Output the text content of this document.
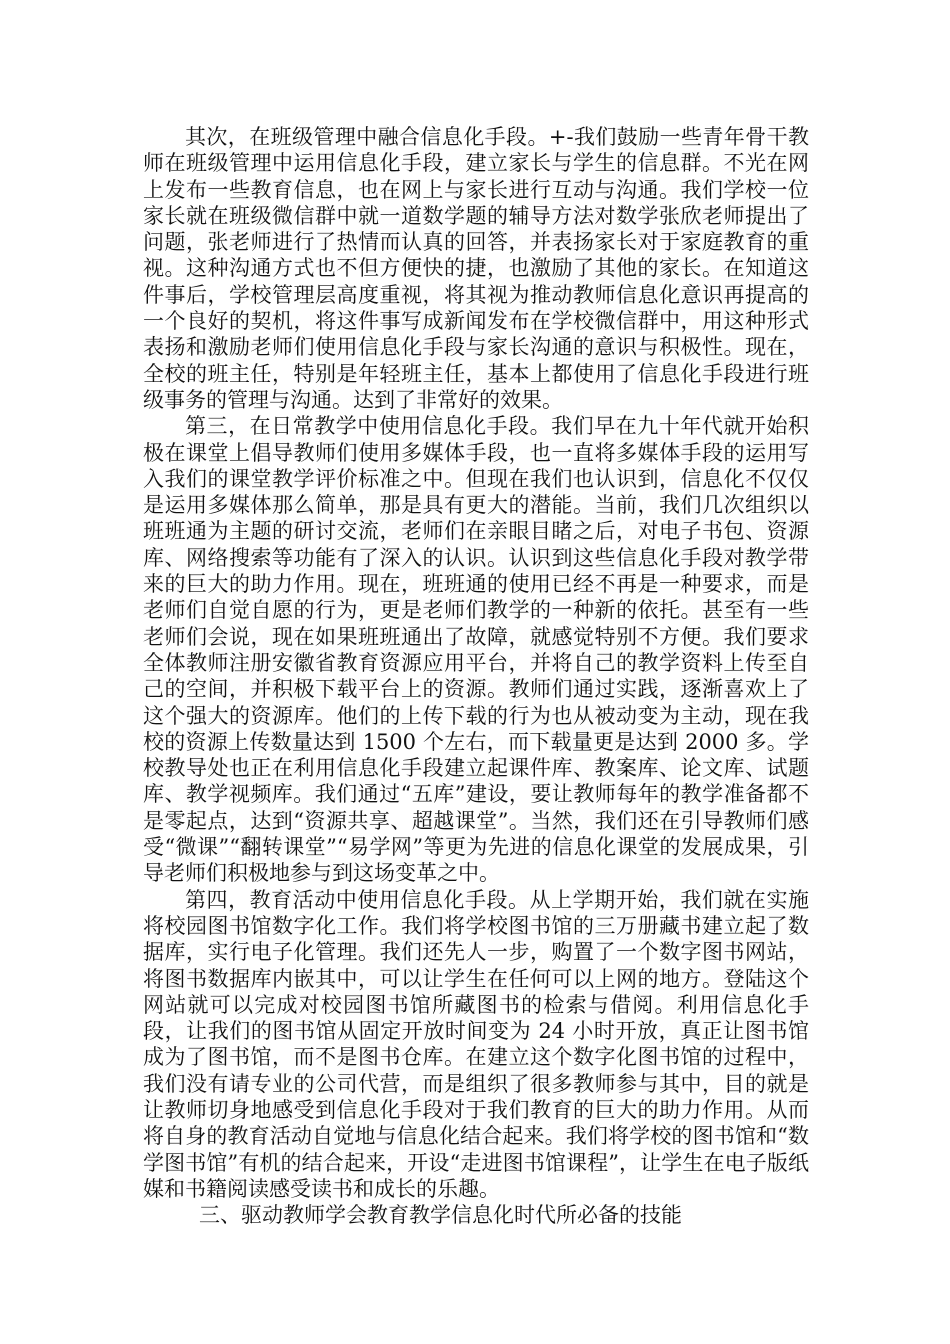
其次，在班级管理中融合信息化手段。+-我们鼓励一些青年骨干教师在班级管理中运用信息化手段，建立家长与学生的信息群。不光在网上发布一些教育信息，也在网上与家长进行互动与沟通。我们学校一位家长就在班级微信群中就一道数学题的辅导方法对数学张欣老师提出了问题，张老师进行了热情而认真的回答，并表扬家长对于家庭教育的重视。这种沟通方式也不但方便快的捷，也激励了其他的家长。在知道这件事后，学校管理层高度重视，将其视为推动教师信息化意识再提高的一个良好的契机，将这件事写成新闻发布在学校微信群中，用这种形式表扬和激励老师们使用信息化手段与家长沟通的意识与积极性。现在，全校的班主任，特别是年轻班主任，基本上都使用了信息化手段进行班级事务的管理与沟通。达到了非常好的效果。

第三，在日常教学中使用信息化手段。我们早在九十年代就开始积极在课堂上倡导教师们使用多媒体手段，也一直将多媒体手段的运用写入我们的课堂教学评价标准之中。但现在我们也认识到，信息化不仅仅是运用多媒体那么简单，那是具有更大的潜能。当前，我们几次组织以班班通为主题的研讨交流，老师们在亲眼目睹之后，对电子书包、资源库、网络搜索等功能有了深入的认识。认识到这些信息化手段对教学带来的巨大的助力作用。现在，班班通的使用已经不再是一种要求，而是老师们自觉自愿的行为，更是老师们教学的一种新的依托。甚至有一些老师们会说，现在如果班班通出了故障，就感觉特别不方便。我们要求全体教师注册安徽省教育资源应用平台，并将自己的教学资料上传至自己的空间，并积极下载平台上的资源。教师们通过实践，逐渐喜欢上了这个强大的资源库。他们的上传下载的行为也从被动变为主动，现在我校的资源上传数量达到 1500 个左右，而下载量更是达到 2000 多。学校教导处也正在利用信息化手段建立起课件库、教案库、论文库、试题库、教学视频库。我们通过“五库”建设，要让教师每年的教学准备都不是零起点，达到“资源共享、超越课堂”。当然，我们还在引导教师们感受“微课”“翻转课堂”“易学网”等更为先进的信息化课堂的发展成果，引导老师们积极地参与到这场变革之中。

第四，教育活动中使用信息化手段。从上学期开始，我们就在实施将校园图书馆数字化工作。我们将学校图书馆的三万册藏书建立起了数据库，实行电子化管理。我们还先人一步，购置了一个数字图书网站，将图书数据库内嵌其中，可以让学生在任何可以上网的地方。登陆这个网站就可以完成对校园图书馆所藏图书的检索与借阅。利用信息化手段，让我们的图书馆从固定开放时间变为 24 小时开放，真正让图书馆成为了图书馆，而不是图书仓库。在建立这个数字化图书馆的过程中，我们没有请专业的公司代营，而是组织了很多教师参与其中，目的就是让教师切身地感受到信息化手段对于我们教育的巨大的助力作用。从而将自身的教育活动自觉地与信息化结合起来。我们将学校的图书馆和“数学图书馆”有机的结合起来，开设“走进图书馆课程”，让学生在电子版纸媒和书籍阅读感受读书和成长的乐趣。

三、驱动教师学会教育教学信息化时代所必备的技能
